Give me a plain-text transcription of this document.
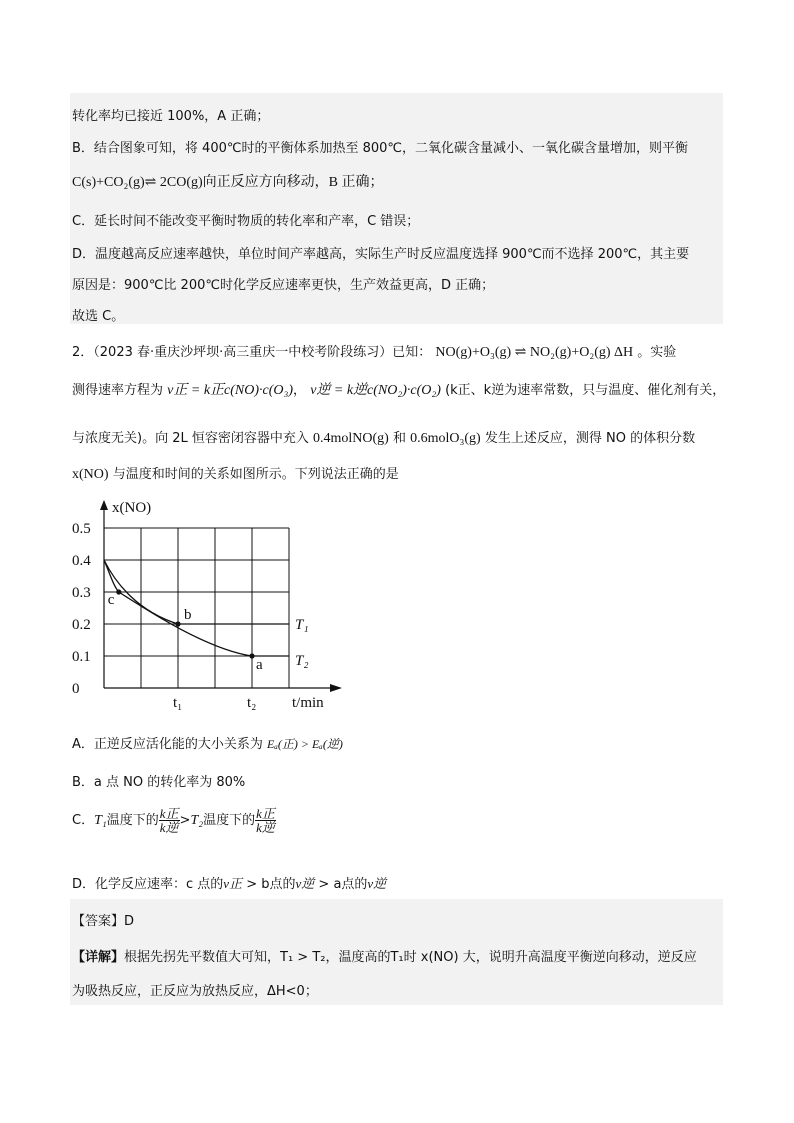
转化率均已接近 100%，A 正确；
B．结合图象可知，将 400℃时的平衡体系加热至 800℃，二氧化碳含量减小、一氧化碳含量增加，则平衡
C(s)+CO₂(g)⇌ 2CO(g)向正反应方向移动，B 正确；
C．延长时间不能改变平衡时物质的转化率和产率，C 错误；
D．温度越高反应速率越快，单位时间产率越高，实际生产时反应温度选择 900℃而不选择 200℃，其主要
原因是：900℃比 200℃时化学反应速率更快，生产效益更高，D 正确；
故选 C。
2．（2023 春·重庆沙坪坝·高三重庆一中校考阶段练习）已知： NO(g)+O₃(g) ⇌ NO₂(g)+O₂(g) ΔH 。实验
测得速率方程为 v正 = k正c(NO)·c(O₃)， v逆 = k逆c(NO₂)·c(O₂) (k正、k逆为速率常数，只与温度、催化剂有关，
与浓度无关)。向 2L 恒容密闭容器中充入 0.4molNO(g) 和 0.6molO₃(g) 发生上述反应，测得 NO 的体积分数
x(NO) 与温度和时间的关系如图所示。下列说法正确的是
x(NO)
t/min
0.5
0.4
0.3
0.2
0.1
0
t₁	t₂
T₁
T₂
c
b
a
A．正逆反应活化能的大小关系为 Eₐ(正) > Eₐ(逆)
B．a 点 NO 的转化率为 80%
C．T₁温度下的 $\frac{\text{k正}}{\text{k逆}} >T_2$温度下的 $\frac{\text{k正}}{\text{k逆}}$
D．化学反应速率：c 点的v正 > b点的v逆 > a点的v逆
【答案】D
【详解】根据先拐先平数值大可知，T₁ > T₂，温度高的T₁时 x(NO) 大，说明升高温度平衡逆向移动，逆反应
为吸热反应，正反应为放热反应，ΔH<0；
